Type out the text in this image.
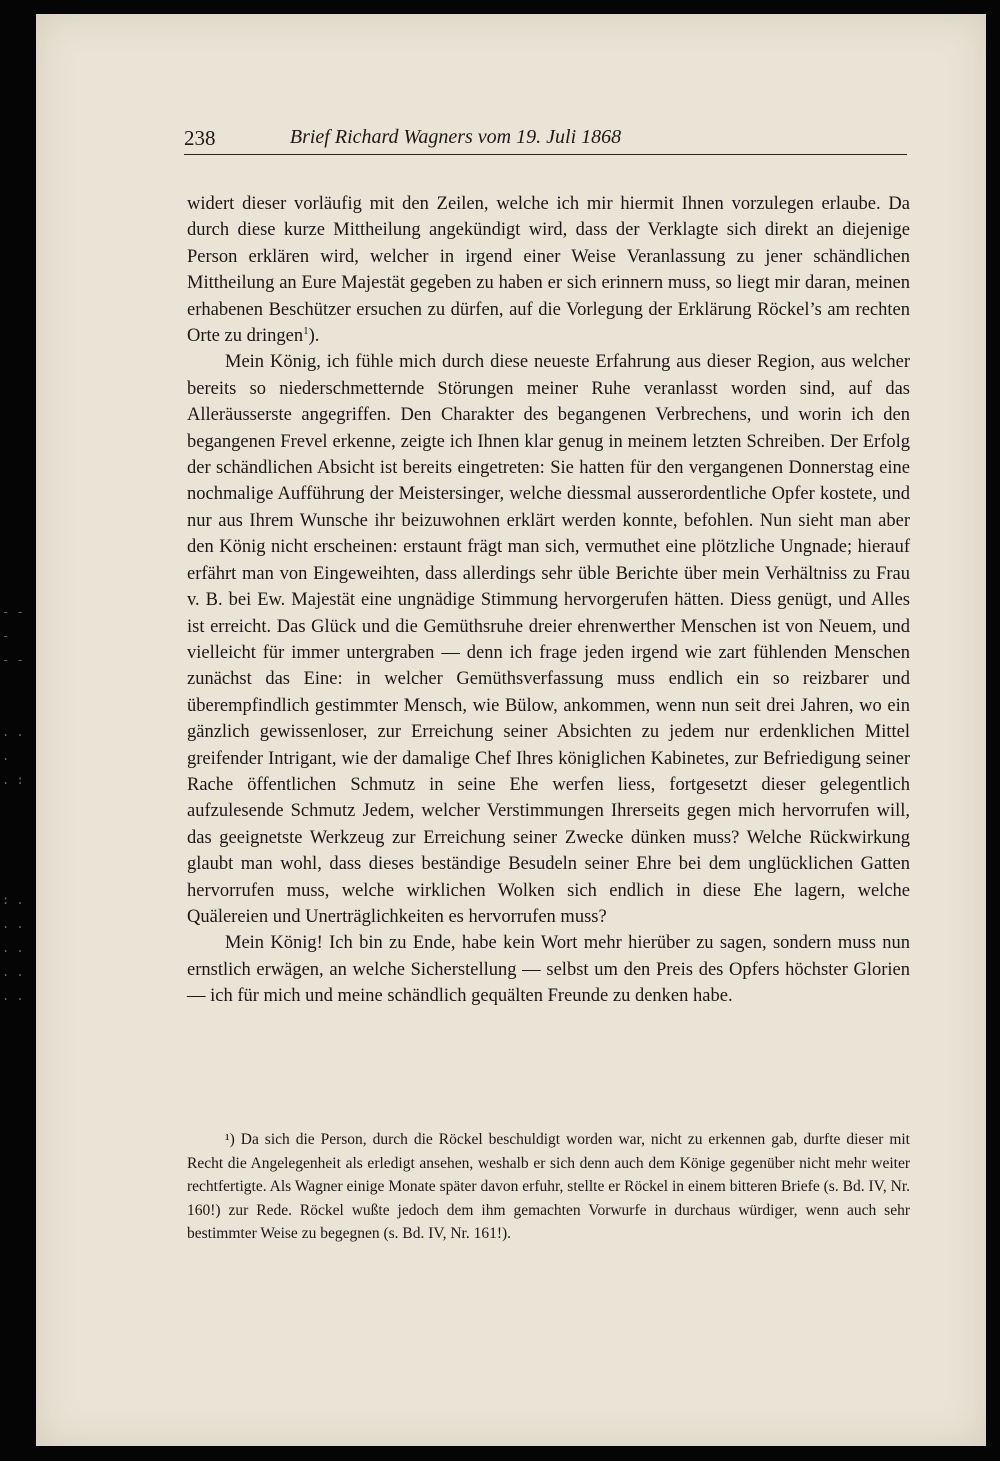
- - -
- -

. . .
. :

: .
. .
. .
. .
. .
238	Brief Richard Wagners vom 19. Juli 1868

widert dieser vorläufig mit den Zeilen, welche ich mir hiermit Ihnen vorzulegen erlaube. Da durch diese kurze Mittheilung angekündigt wird, dass der Verklagte sich direkt an diejenige Person erklären wird, welcher in irgend einer Weise Veranlassung zu jener schändlichen Mittheilung an Eure Majestät gegeben zu haben er sich erinnern muss, so liegt mir daran, meinen erhabenen Beschützer ersuchen zu dürfen, auf die Vorlegung der Erklärung Röckel’s am rechten Orte zu dringen$^1$).

Mein König, ich fühle mich durch diese neueste Erfahrung aus dieser Region, aus welcher bereits so niederschmetternde Störungen meiner Ruhe veranlasst worden sind, auf das Alleräusserste angegriffen. Den Charakter des begangenen Verbrechens, und worin ich den begangenen Frevel erkenne, zeigte ich Ihnen klar genug in meinem letzten Schreiben. Der Erfolg der schändlichen Absicht ist bereits eingetreten: Sie hatten für den vergangenen Donnerstag eine nochmalige Aufführung der Meistersinger, welche diessmal ausserordentliche Opfer kostete, und nur aus Ihrem Wunsche ihr beizuwohnen erklärt werden konnte, befohlen. Nun sieht man aber den König nicht erscheinen: erstaunt frägt man sich, vermuthet eine plötzliche Ungnade; hierauf erfährt man von Eingeweihten, dass allerdings sehr üble Berichte über mein Verhältniss zu Frau v. B. bei Ew. Majestät eine ungnädige Stimmung hervorgerufen hätten. Diess genügt, und Alles ist erreicht. Das Glück und die Gemüthsruhe dreier ehrenwerther Menschen ist von Neuem, und vielleicht für immer untergraben — denn ich frage jeden irgend wie zart fühlenden Menschen zunächst das Eine: in welcher Gemüthsverfassung muss endlich ein so reizbarer und überempfindlich gestimmter Mensch, wie Bülow, ankommen, wenn nun seit drei Jahren, wo ein gänzlich gewissenloser, zur Erreichung seiner Absichten zu jedem nur erdenklichen Mittel greifender Intrigant, wie der damalige Chef Ihres königlichen Kabinetes, zur Befriedigung seiner Rache öffentlichen Schmutz in seine Ehe werfen liess, fortgesetzt dieser gelegentlich aufzulesende Schmutz Jedem, welcher Verstimmungen Ihrerseits gegen mich hervorrufen will, das geeignetste Werkzeug zur Erreichung seiner Zwecke dünken muss? Welche Rückwirkung glaubt man wohl, dass dieses beständige Besudeln seiner Ehre bei dem unglücklichen Gatten hervorrufen muss, welche wirklichen Wolken sich endlich in diese Ehe lagern, welche Quälereien und Unerträglichkeiten es hervorrufen muss?

Mein König! Ich bin zu Ende, habe kein Wort mehr hierüber zu sagen, sondern muss nun ernstlich erwägen, an welche Sicherstellung — selbst um den Preis des Opfers höchster Glorien — ich für mich und meine schändlich gequälten Freunde zu denken habe.

¹) Da sich die Person, durch die Röckel beschuldigt worden war, nicht zu erkennen gab, durfte dieser mit Recht die Angelegenheit als erledigt ansehen, weshalb er sich denn auch dem Könige gegenüber nicht mehr weiter rechtfertigte. Als Wagner einige Monate später davon erfuhr, stellte er Röckel in einem bitteren Briefe (s. Bd. IV, Nr. 160!) zur Rede. Röckel wußte jedoch dem ihm gemachten Vorwurfe in durchaus würdiger, wenn auch sehr bestimmter Weise zu begegnen (s. Bd. IV, Nr. 161!).
